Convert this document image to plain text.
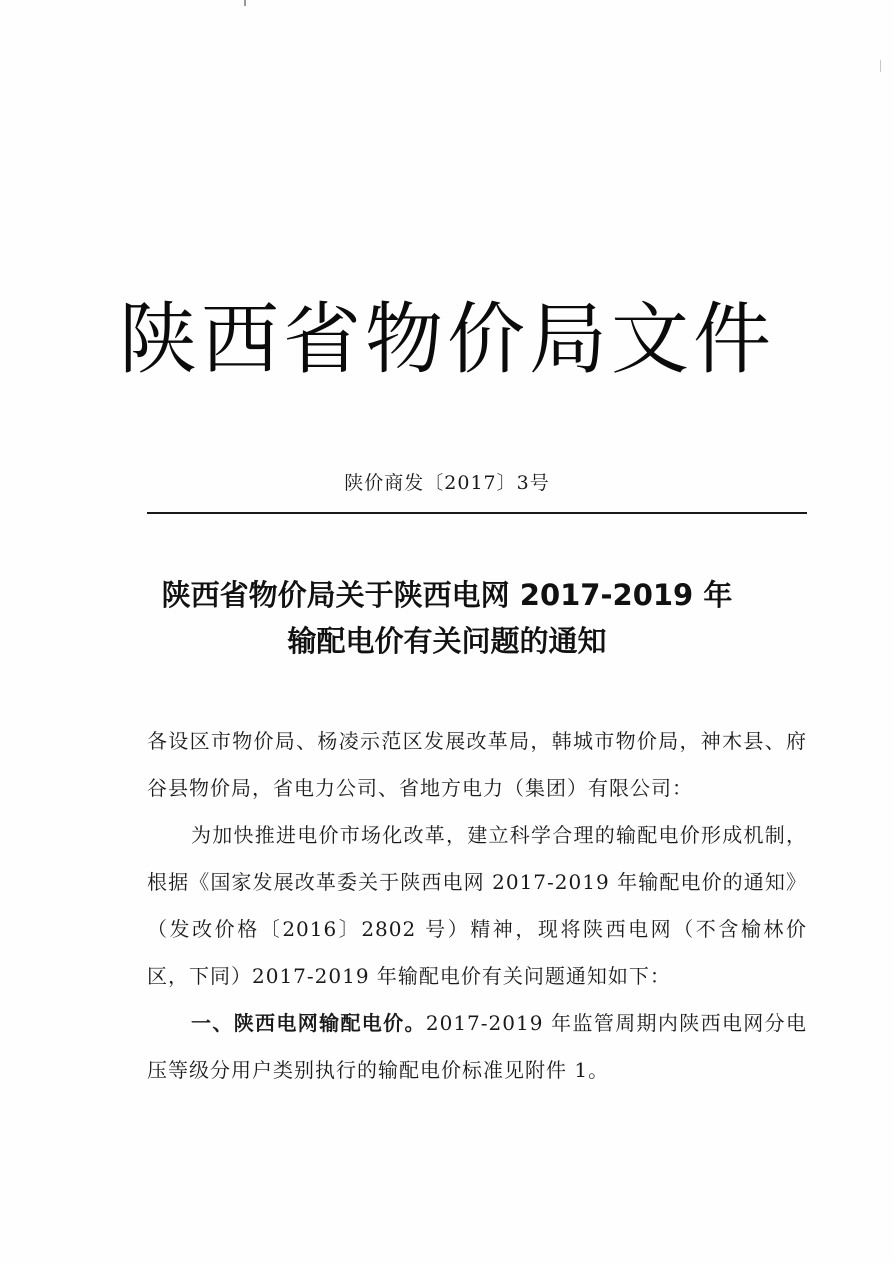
陕西省物价局文件
陕价商发〔2017〕3号
陕西省物价局关于陕西电网 2017-2019 年
输配电价有关问题的通知

各设区市物价局、杨凌示范区发展改革局，韩城市物价局，神木县、府谷县物价局，省电力公司、省地方电力（集团）有限公司：

为加快推进电价市场化改革，建立科学合理的输配电价形成机制，根据《国家发展改革委关于陕西电网 2017-2019 年输配电价的通知》（发改价格〔2016〕2802 号）精神，现将陕西电网（不含榆林价区，下同）2017-2019 年输配电价有关问题通知如下：

一、陕西电网输配电价。2017-2019 年监管周期内陕西电网分电压等级分用户类别执行的输配电价标准见附件 1。
